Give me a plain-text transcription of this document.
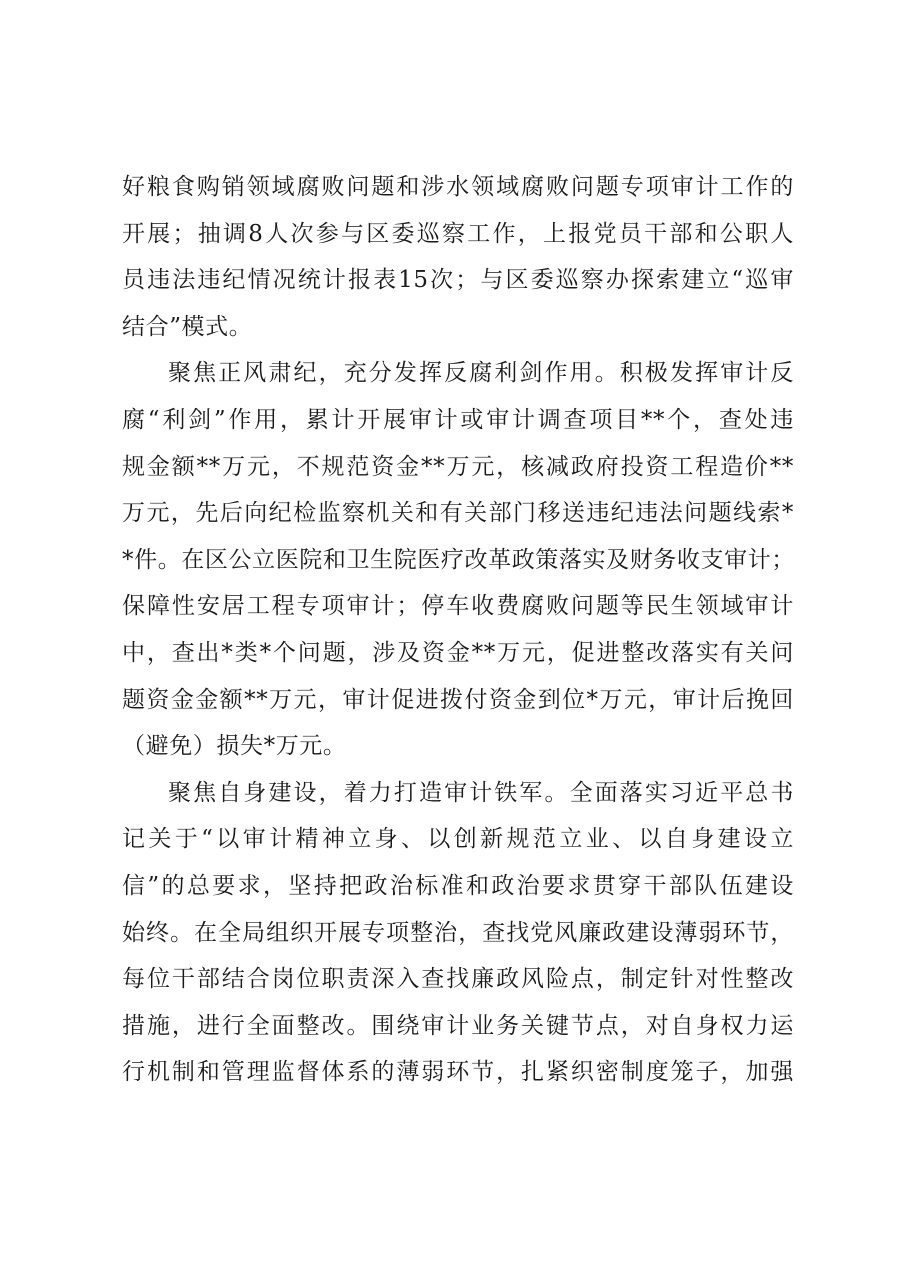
好粮食购销领域腐败问题和涉水领域腐败问题专项审计工作的
开展；抽调8人次参与区委巡察工作，上报党员干部和公职人
员违法违纪情况统计报表15次；与区委巡察办探索建立“巡审
结合”模式。
聚焦正风肃纪，充分发挥反腐利剑作用。积极发挥审计反
腐“利剑”作用，累计开展审计或审计调查项目**个，查处违
规金额**万元，不规范资金**万元，核减政府投资工程造价**
万元，先后向纪检监察机关和有关部门移送违纪违法问题线索*
*件。在区公立医院和卫生院医疗改革政策落实及财务收支审计；
保障性安居工程专项审计；停车收费腐败问题等民生领域审计
中，查出*类*个问题，涉及资金**万元，促进整改落实有关问
题资金金额**万元，审计促进拨付资金到位*万元，审计后挽回
（避免）损失*万元。
聚焦自身建设，着力打造审计铁军。全面落实习近平总书
记关于“以审计精神立身、以创新规范立业、以自身建设立
信”的总要求，坚持把政治标准和政治要求贯穿干部队伍建设
始终。在全局组织开展专项整治，查找党风廉政建设薄弱环节，
每位干部结合岗位职责深入查找廉政风险点，制定针对性整改
措施，进行全面整改。围绕审计业务关键节点，对自身权力运
行机制和管理监督体系的薄弱环节，扎紧织密制度笼子，加强
